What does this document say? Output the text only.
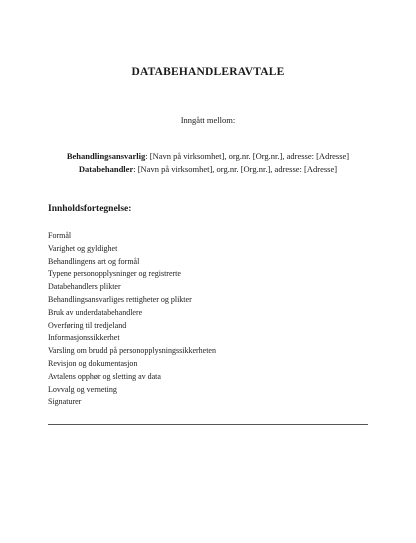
DATABEHANDLERAVTALE
Inngått mellom:
Behandlingsansvarlig: [Navn på virksomhet], org.nr. [Org.nr.], adresse: [Adresse]
Databehandler: [Navn på virksomhet], org.nr. [Org.nr.], adresse: [Adresse]
Innholdsfortegnelse:
Formål
Varighet og gyldighet
Behandlingens art og formål
Typene personopplysninger og registrerte
Databehandlers plikter
Behandlingsansvarliges rettigheter og plikter
Bruk av underdatabehandlere
Overføring til tredjeland
Informasjonssikkerhet
Varsling om brudd på personopplysningssikkerheten
Revisjon og dokumentasjon
Avtalens opphør og sletting av data
Lovvalg og verneting
Signaturer
